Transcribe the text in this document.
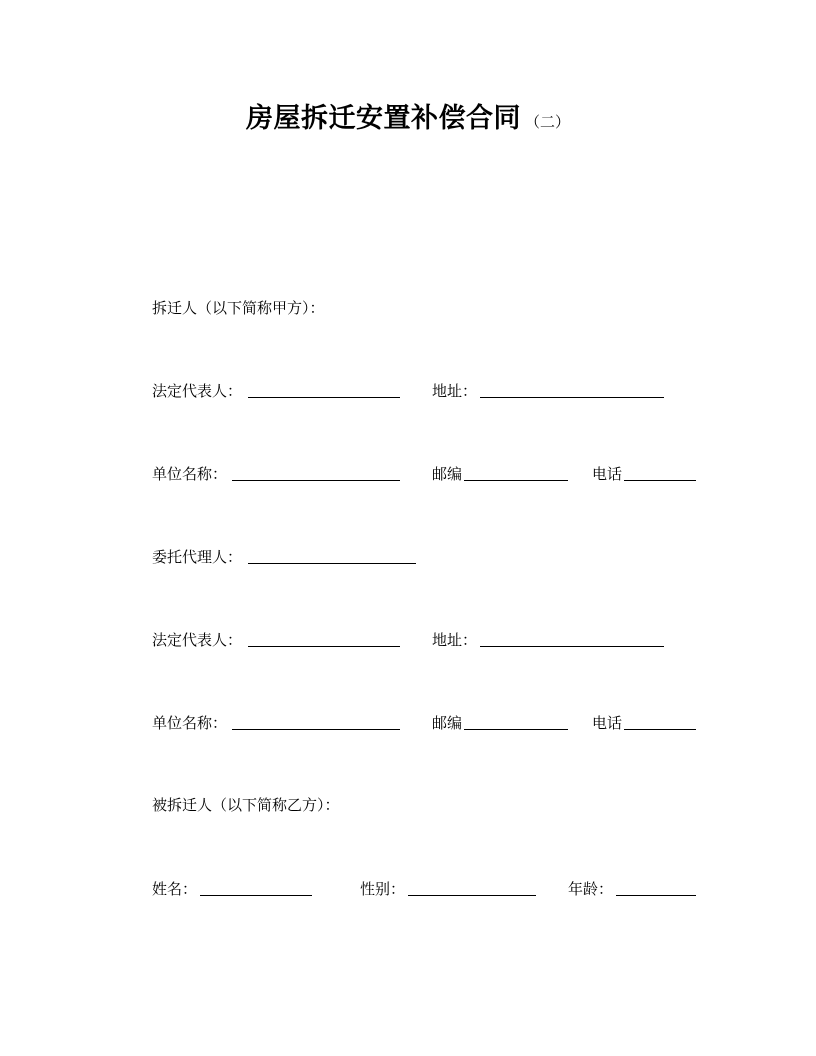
房屋拆迁安置补偿合同 （二）
拆迁人（以下简称甲方）：
法定代表人：	地址：
单位名称：	邮编	电话
委托代理人：
法定代表人：	地址：
单位名称：	邮编	电话
被拆迁人（以下简称乙方）：
姓名：	性别：	年龄：
